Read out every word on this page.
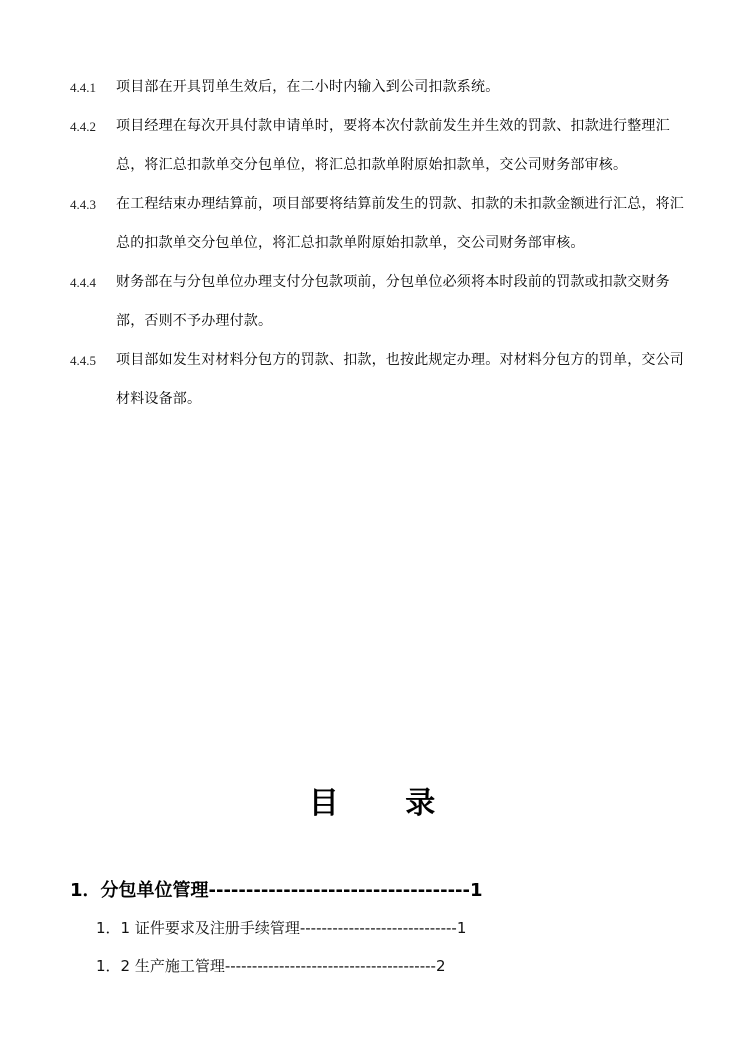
4.4.1	项目部在开具罚单生效后，在二小时内输入到公司扣款系统。
4.4.2	项目经理在每次开具付款申请单时，要将本次付款前发生并生效的罚款、扣款进行整理汇总，将汇总扣款单交分包单位，将汇总扣款单附原始扣款单，交公司财务部审核。
4.4.3	在工程结束办理结算前，项目部要将结算前发生的罚款、扣款的未扣款金额进行汇总，将汇总的扣款单交分包单位，将汇总扣款单附原始扣款单，交公司财务部审核。
4.4.4	财务部在与分包单位办理支付分包款项前，分包单位必须将本时段前的罚款或扣款交财务部，否则不予办理付款。
4.4.5	项目部如发生对材料分包方的罚款、扣款，也按此规定办理。对材料分包方的罚单，交公司材料设备部。
目 录
1．分包单位管理-----------------------------------1
1．1 证件要求及注册手续管理-----------------------------1
1．2 生产施工管理---------------------------------------2
